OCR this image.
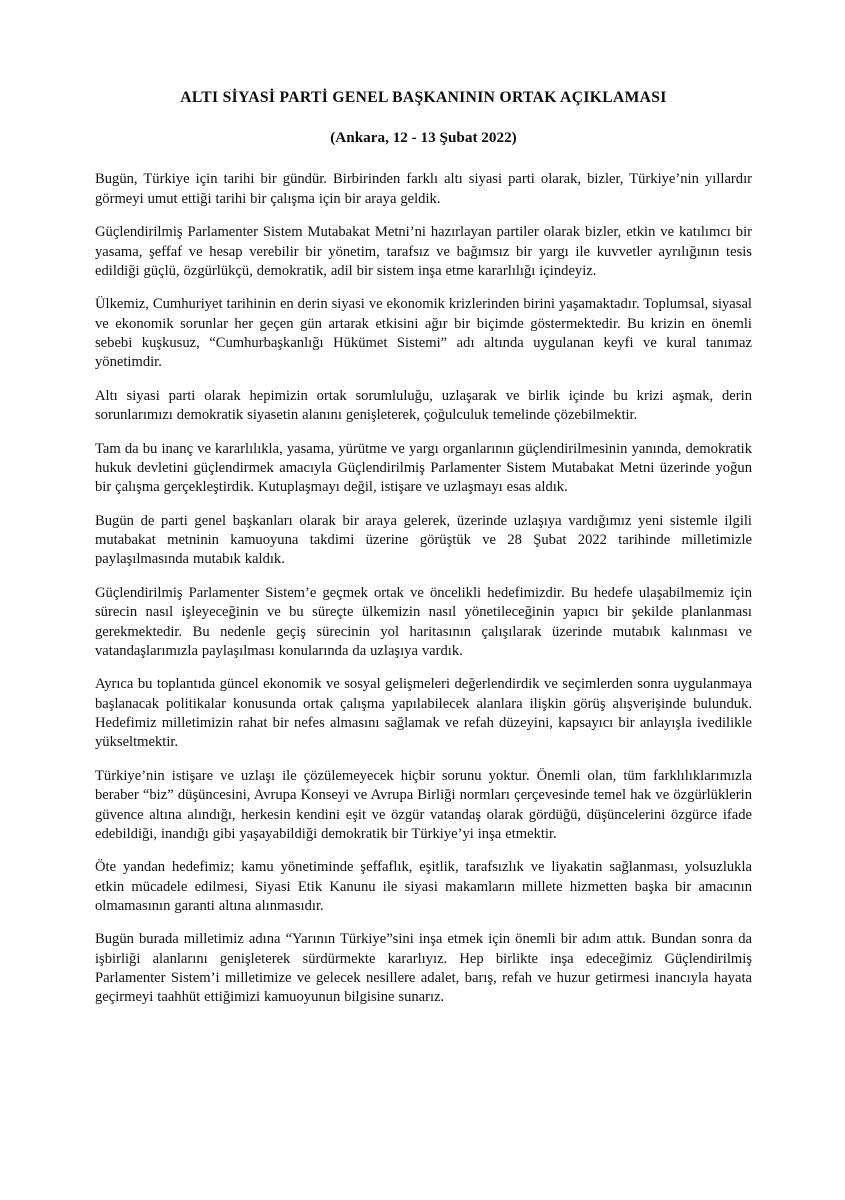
ALTI SİYASİ PARTİ GENEL BAŞKANININ ORTAK AÇIKLAMASI
(Ankara, 12 - 13 Şubat 2022)

Bugün, Türkiye için tarihi bir gündür. Birbirinden farklı altı siyasi parti olarak, bizler, Türkiye’nin yıllardır görmeyi umut ettiği tarihi bir çalışma için bir araya geldik.

Güçlendirilmiş Parlamenter Sistem Mutabakat Metni’ni hazırlayan partiler olarak bizler, etkin ve katılımcı bir yasama, şeffaf ve hesap verebilir bir yönetim, tarafsız ve bağımsız bir yargı ile kuvvetler ayrılığının tesis edildiği güçlü, özgürlükçü, demokratik, adil bir sistem inşa etme kararlılığı içindeyiz.

Ülkemiz, Cumhuriyet tarihinin en derin siyasi ve ekonomik krizlerinden birini yaşamaktadır. Toplumsal, siyasal ve ekonomik sorunlar her geçen gün artarak etkisini ağır bir biçimde göstermektedir. Bu krizin en önemli sebebi kuşkusuz, “Cumhurbaşkanlığı Hükümet Sistemi” adı altında uygulanan keyfi ve kural tanımaz yönetimdir.

Altı siyasi parti olarak hepimizin ortak sorumluluğu, uzlaşarak ve birlik içinde bu krizi aşmak, derin sorunlarımızı demokratik siyasetin alanını genişleterek, çoğulculuk temelinde çözebilmektir.

Tam da bu inanç ve kararlılıkla, yasama, yürütme ve yargı organlarının güçlendirilmesinin yanında, demokratik hukuk devletini güçlendirmek amacıyla Güçlendirilmiş Parlamenter Sistem Mutabakat Metni üzerinde yoğun bir çalışma gerçekleştirdik. Kutuplaşmayı değil, istişare ve uzlaşmayı esas aldık.

Bugün de parti genel başkanları olarak bir araya gelerek, üzerinde uzlaşıya vardığımız yeni sistemle ilgili mutabakat metninin kamuoyuna takdimi üzerine görüştük ve 28 Şubat 2022 tarihinde milletimizle paylaşılmasında mutabık kaldık.

Güçlendirilmiş Parlamenter Sistem’e geçmek ortak ve öncelikli hedefimizdir. Bu hedefe ulaşabilmemiz için sürecin nasıl işleyeceğinin ve bu süreçte ülkemizin nasıl yönetileceğinin yapıcı bir şekilde planlanması gerekmektedir. Bu nedenle geçiş sürecinin yol haritasının çalışılarak üzerinde mutabık kalınması ve vatandaşlarımızla paylaşılması konularında da uzlaşıya vardık.

Ayrıca bu toplantıda güncel ekonomik ve sosyal gelişmeleri değerlendirdik ve seçimlerden sonra uygulanmaya başlanacak politikalar konusunda ortak çalışma yapılabilecek alanlara ilişkin görüş alışverişinde bulunduk. Hedefimiz milletimizin rahat bir nefes almasını sağlamak ve refah düzeyini, kapsayıcı bir anlayışla ivedilikle yükseltmektir.

Türkiye’nin istişare ve uzlaşı ile çözülemeyecek hiçbir sorunu yoktur. Önemli olan, tüm farklılıklarımızla beraber “biz” düşüncesini, Avrupa Konseyi ve Avrupa Birliği normları çerçevesinde temel hak ve özgürlüklerin güvence altına alındığı, herkesin kendini eşit ve özgür vatandaş olarak gördüğü, düşüncelerini özgürce ifade edebildiği, inandığı gibi yaşayabildiği demokratik bir Türkiye’yi inşa etmektir.

Öte yandan hedefimiz; kamu yönetiminde şeffaflık, eşitlik, tarafsızlık ve liyakatin sağlanması, yolsuzlukla etkin mücadele edilmesi, Siyasi Etik Kanunu ile siyasi makamların millete hizmetten başka bir amacının olmamasının garanti altına alınmasıdır.

Bugün burada milletimiz adına “Yarının Türkiye”sini inşa etmek için önemli bir adım attık. Bundan sonra da işbirliği alanlarını genişleterek sürdürmekte kararlıyız. Hep birlikte inşa edeceğimiz Güçlendirilmiş Parlamenter Sistem’i milletimize ve gelecek nesillere adalet, barış, refah ve huzur getirmesi inancıyla hayata geçirmeyi taahhüt ettiğimizi kamuoyunun bilgisine sunarız.
